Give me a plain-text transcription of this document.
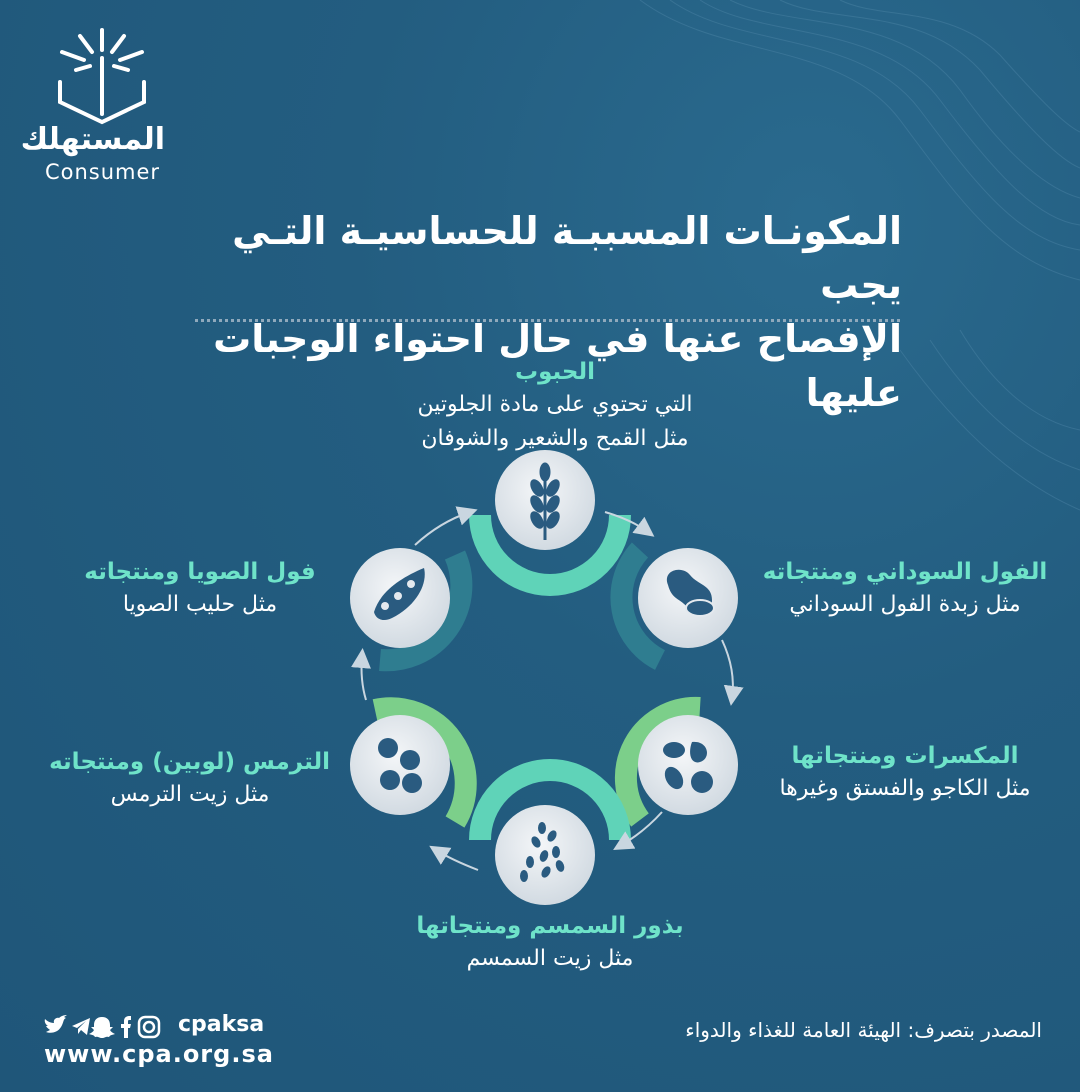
المستهلك
Consumer
المكونـات المسببـة للحساسيـة التـي يجب
الإفصاح عنها في حال احتواء الوجبات عليها
الحبوب
التي تحتوي على مادة الجلوتين
مثل القمح والشعير والشوفان
الفول السوداني ومنتجاته
مثل زبدة الفول السوداني
المكسرات ومنتجاتها
مثل الكاجو والفستق وغيرها
بذور السمسم ومنتجاتها
مثل زيت السمسم
الترمس (لوبين) ومنتجاته
مثل زيت الترمس
فول الصويا ومنتجاته
مثل حليب الصويا
cpaksa
www.cpa.org.sa
المصدر بتصرف: الهيئة العامة للغذاء والدواء
